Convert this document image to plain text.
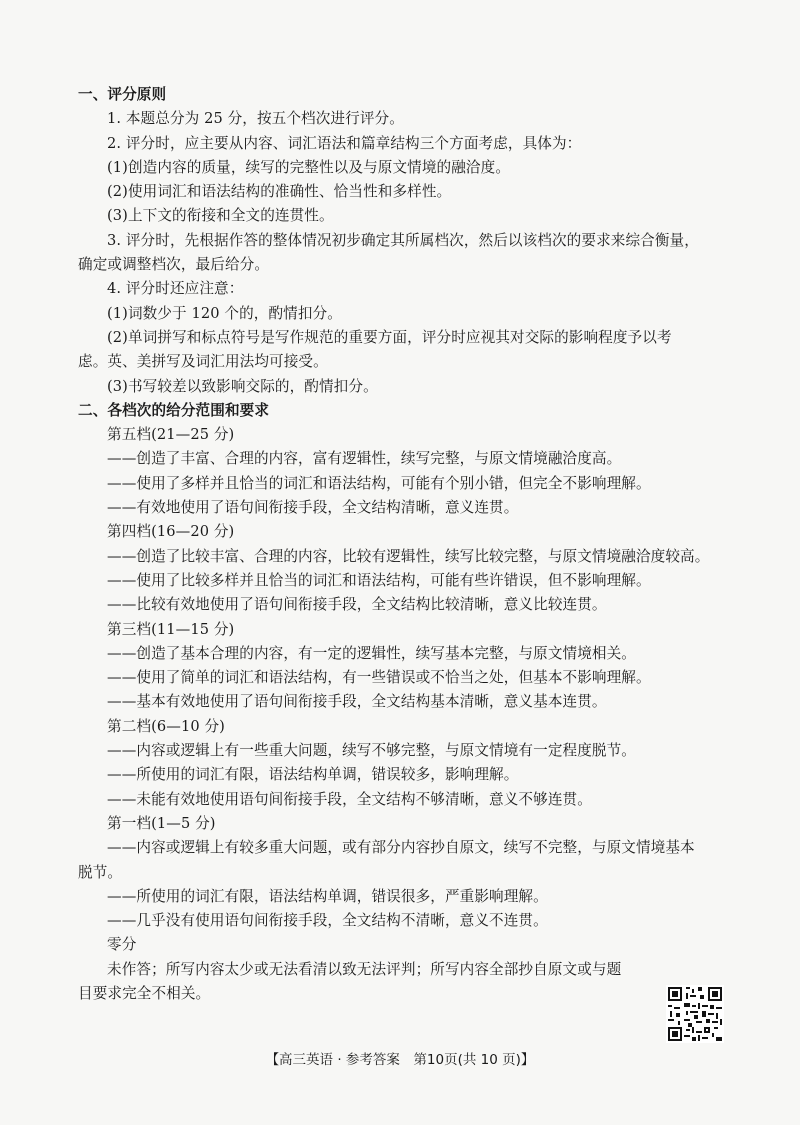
一、评分原则
1. 本题总分为 25 分，按五个档次进行评分。
2. 评分时，应主要从内容、词汇语法和篇章结构三个方面考虑，具体为：
(1)创造内容的质量，续写的完整性以及与原文情境的融洽度。
(2)使用词汇和语法结构的准确性、恰当性和多样性。
(3)上下文的衔接和全文的连贯性。
3. 评分时，先根据作答的整体情况初步确定其所属档次，然后以该档次的要求来综合衡量，
确定或调整档次，最后给分。
4. 评分时还应注意：
(1)词数少于 120 个的，酌情扣分。
(2)单词拼写和标点符号是写作规范的重要方面，评分时应视其对交际的影响程度予以考
虑。英、美拼写及词汇用法均可接受。
(3)书写较差以致影响交际的，酌情扣分。
二、各档次的给分范围和要求
第五档(21—25 分)
——创造了丰富、合理的内容，富有逻辑性，续写完整，与原文情境融洽度高。
——使用了多样并且恰当的词汇和语法结构，可能有个别小错，但完全不影响理解。
——有效地使用了语句间衔接手段，全文结构清晰，意义连贯。
第四档(16—20 分)
——创造了比较丰富、合理的内容，比较有逻辑性，续写比较完整，与原文情境融洽度较高。
——使用了比较多样并且恰当的词汇和语法结构，可能有些许错误，但不影响理解。
——比较有效地使用了语句间衔接手段，全文结构比较清晰，意义比较连贯。
第三档(11—15 分)
——创造了基本合理的内容，有一定的逻辑性，续写基本完整，与原文情境相关。
——使用了简单的词汇和语法结构，有一些错误或不恰当之处，但基本不影响理解。
——基本有效地使用了语句间衔接手段，全文结构基本清晰，意义基本连贯。
第二档(6—10 分)
——内容或逻辑上有一些重大问题，续写不够完整，与原文情境有一定程度脱节。
——所使用的词汇有限，语法结构单调，错误较多，影响理解。
——未能有效地使用语句间衔接手段，全文结构不够清晰，意义不够连贯。
第一档(1—5 分)
——内容或逻辑上有较多重大问题，或有部分内容抄自原文，续写不完整，与原文情境基本
脱节。
——所使用的词汇有限，语法结构单调，错误很多，严重影响理解。
——几乎没有使用语句间衔接手段，全文结构不清晰，意义不连贯。
零分
未作答；所写内容太少或无法看清以致无法评判；所写内容全部抄自原文或与题
目要求完全不相关。
【高三英语 · 参考答案　第10页(共 10 页)】
